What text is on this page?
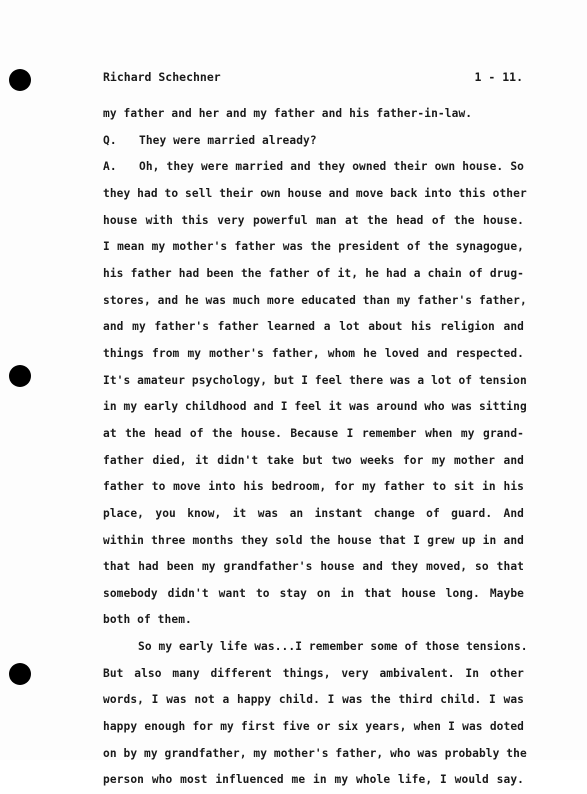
Richard Schechner	1 - 11.
my father and her and my father and his father-in-law.
Q.	They were married already?
A.	Oh, they were married and they owned their own house. So
they had to sell their own house and move back into this other
house with this very powerful man at the head of the house.
I mean my mother's father was the president of the synagogue,
his father had been the father of it, he had a chain of drug-
stores, and he was much more educated than my father's father,
and my father's father learned a lot about his religion and
things from my mother's father, whom he loved and respected.
It's amateur psychology, but I feel there was a lot of tension
in my early childhood and I feel it was around who was sitting
at the head of the house. Because I remember when my grand-
father died, it didn't take but two weeks for my mother and
father to move into his bedroom, for my father to sit in his
place, you know, it was an instant change of guard. And
within three months they sold the house that I grew up in and
that had been my grandfather's house and they moved, so that
somebody didn't want to stay on in that house long. Maybe
both of them.
So my early life was...I remember some of those tensions.
But also many different things, very ambivalent. In other
words, I was not a happy child. I was the third child. I was
happy enough for my first five or six years, when I was doted
on by my grandfather, my mother's father, who was probably the
person who most influenced me in my whole life, I would say.
